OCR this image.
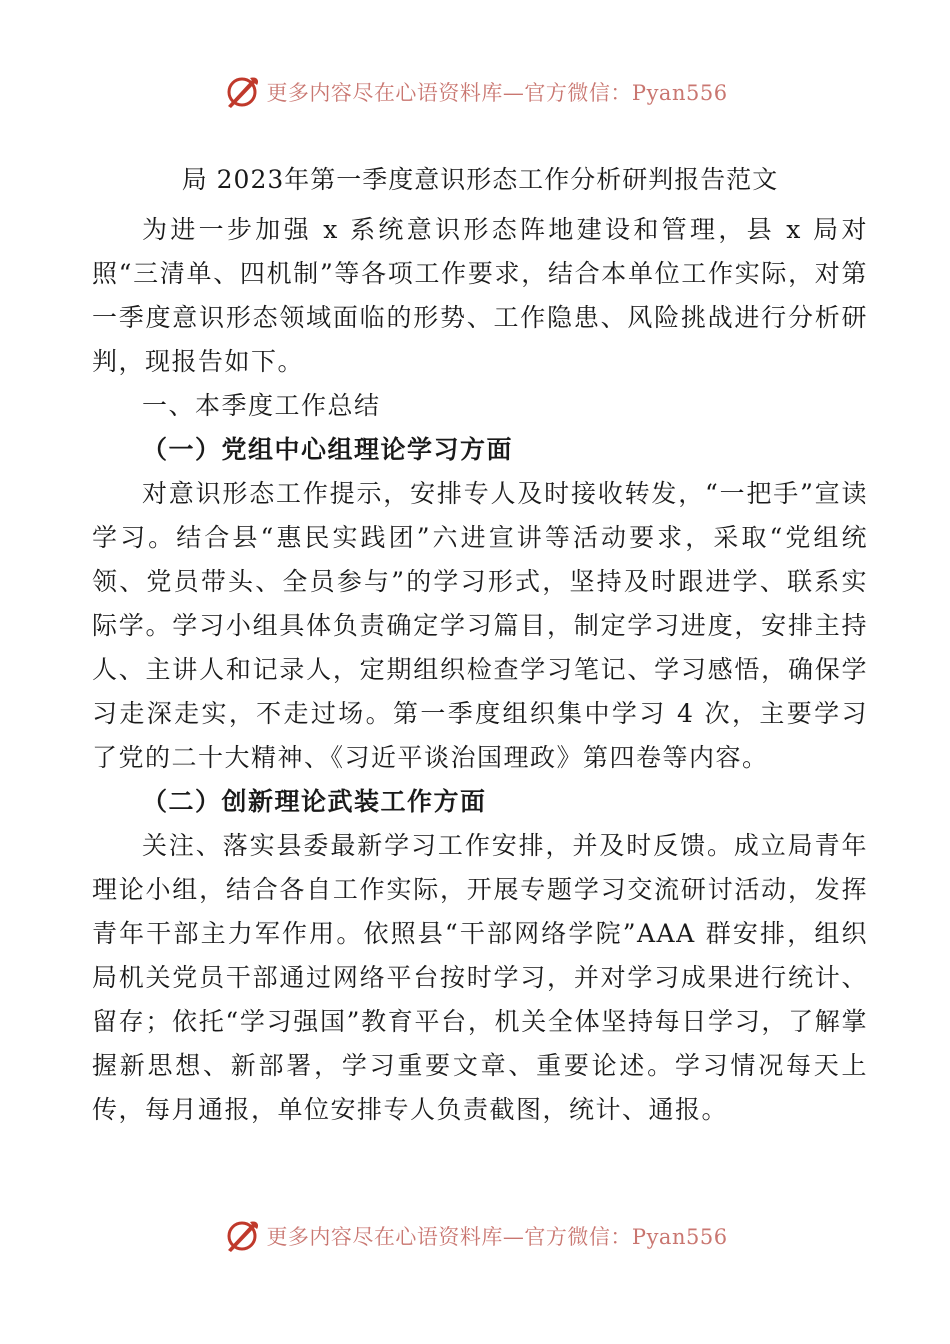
更多内容尽在心语资料库—官方微信：Pyan556
局 2023年第一季度意识形态工作分析研判报告范文

为进一步加强 x 系统意识形态阵地建设和管理，县 x 局对照“三清单、四机制”等各项工作要求，结合本单位工作实际，对第一季度意识形态领域面临的形势、工作隐患、风险挑战进行分析研判，现报告如下。

一、本季度工作总结

（一）党组中心组理论学习方面

对意识形态工作提示，安排专人及时接收转发，“一把手”宣读学习。结合县“惠民实践团”六进宣讲等活动要求，采取“党组统领、党员带头、全员参与”的学习形式，坚持及时跟进学、联系实际学。学习小组具体负责确定学习篇目，制定学习进度，安排主持人、主讲人和记录人，定期组织检查学习笔记、学习感悟，确保学习走深走实，不走过场。第一季度组织集中学习 4 次，主要学习了党的二十大精神、《习近平谈治国理政》第四卷等内容。

（二）创新理论武装工作方面

关注、落实县委最新学习工作安排，并及时反馈。成立局青年理论小组，结合各自工作实际，开展专题学习交流研讨活动，发挥青年干部主力军作用。依照县“干部网络学院”AAA 群安排，组织局机关党员干部通过网络平台按时学习，并对学习成果进行统计、留存；依托“学习强国”教育平台，机关全体坚持每日学习，了解掌握新思想、新部署，学习重要文章、重要论述。学习情况每天上传，每月通报，单位安排专人负责截图，统计、通报。

更多内容尽在心语资料库—官方微信：Pyan556
